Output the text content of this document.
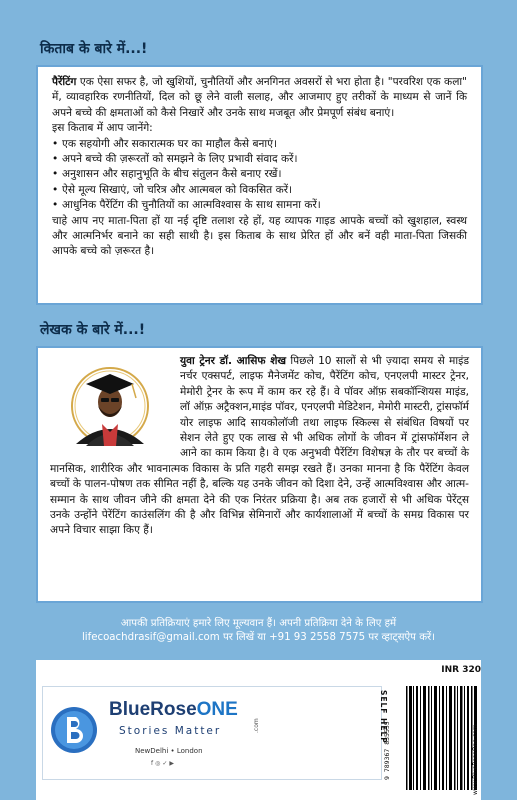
किताब के बारे में...!

पैरेंटिंग एक ऐसा सफर है, जो खुशियों, चुनौतियों और अनगिनत अवसरों से भरा होता है। "परवरिश एक कला" में, व्यावहारिक रणनीतियों, दिल को छू लेने वाली सलाह, और आजमाए हुए तरीकों के माध्यम से जानें कि अपने बच्चे की क्षमताओं को कैसे निखारें और उनके साथ मजबूत और प्रेमपूर्ण संबंध बनाएं।

इस किताब में आप जानेंगे:

• एक सहयोगी और सकारात्मक घर का माहौल कैसे बनाएं।
• अपने बच्चे की ज़रूरतों को समझने के लिए प्रभावी संवाद करें।
• अनुशासन और सहानुभूति के बीच संतुलन कैसे बनाए रखें।
• ऐसे मूल्य सिखाएं, जो चरित्र और आत्मबल को विकसित करें।
• आधुनिक पैरेंटिंग की चुनौतियों का आत्मविश्वास के साथ सामना करें।

चाहे आप नए माता-पिता हों या नई दृष्टि तलाश रहे हों, यह व्यापक गाइड आपके बच्चों को खुशहाल, स्वस्थ और आत्मनिर्भर बनाने का सही साथी है। इस किताब के साथ प्रेरित हों और बनें वही माता-पिता जिसकी आपके बच्चे को ज़रूरत है।

लेखक के बारे में...!

युवा ट्रेनर डॉ. आसिफ शेख पिछले 10 सालों से भी ज़्यादा समय से माइंड नर्चर एक्सपर्ट, लाइफ मैनेजमेंट कोच, पैरेंटिंग कोच, एनएलपी मास्टर ट्रेनर, मेमोरी ट्रेनर के रूप में काम कर रहे हैं। वे पॉवर ऑफ़ सबकॉन्शियस माइंड, लॉ ऑफ़ अट्रैक्शन,माइंड पॉवर, एनएलपी मेडिटेशन, मेमोरी मास्टरी, ट्रांसफॉर्म योर लाइफ आदि सायकोलॉजी तथा लाइफ स्किल्स से संबंधित विषयों पर सेशन लेते हुए एक लाख से भी अधिक लोगों के जीवन में ट्रांसफॉर्मेशन ले आने का काम किया है। वे एक अनुभवी पैरेंटिंग विशेषज्ञ के तौर पर बच्चों के मानसिक, शारीरिक और भावनात्मक विकास के प्रति गहरी समझ रखते हैं। उनका मानना है कि पैरेंटिंग केवल बच्चों के पालन-पोषण तक सीमित नहीं है, बल्कि यह उनके जीवन को दिशा देने, उन्हें आत्मविश्वास और आत्म-सम्मान के साथ जीवन जीने की क्षमता देने की एक निरंतर प्रक्रिया है। अब तक हजारों से भी अधिक पेरेंट्स उनके उन्होंने पेरेंटिंग काउंसलिंग की है और विभिन्न सेमिनारों और कार्यशालाओं में बच्चों के समग्र विकास पर अपने विचार साझा किए हैं।

आपकी प्रतिक्रियाएं हमारे लिए मूल्यवान हैं। अपनी प्रतिक्रिया देने के लिए हमें
lifecoachdrasif@gmail.com पर लिखें या +91 93 2558 7575 पर व्हाट्सऐप करें।
INR 320
BlueRoseONE
.com
Stories Matter
NewDelhi • London
f◎✓▶
SELF HELP
9 789367 835555	www.BlueRoseOne.com
